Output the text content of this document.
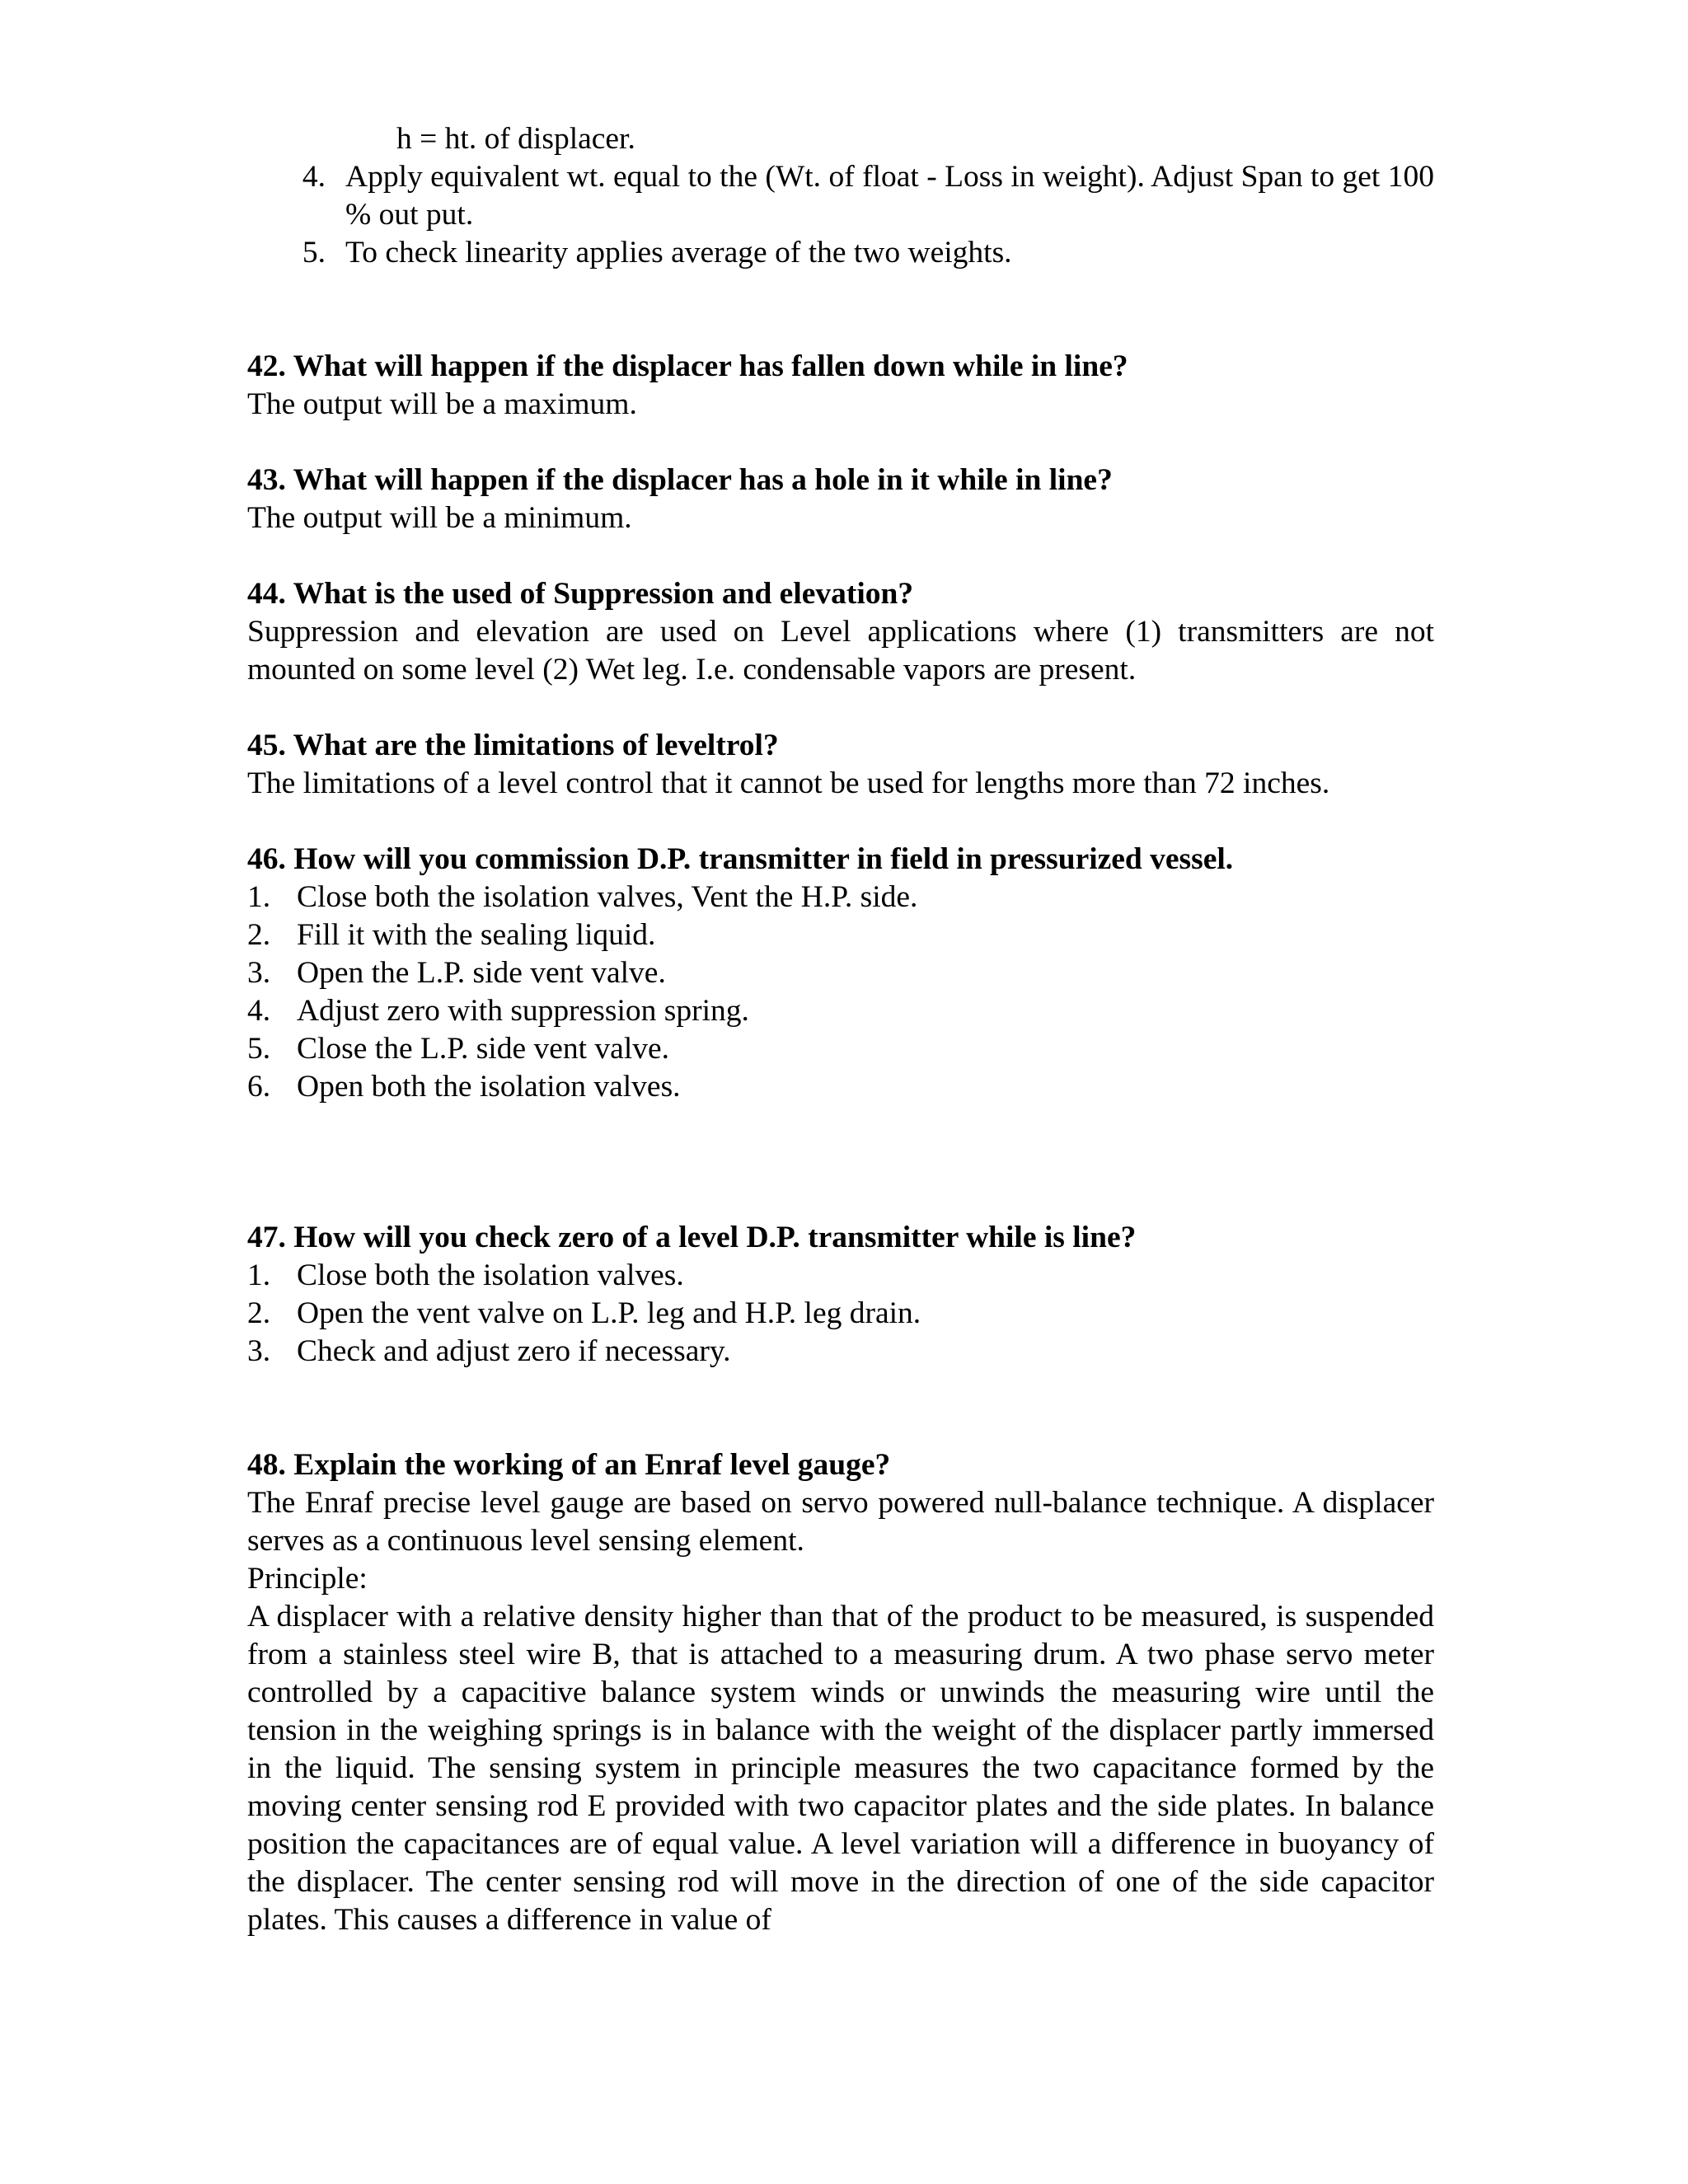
h = ht. of displacer.

4. Apply equivalent wt. equal to the (Wt. of float - Loss in weight). Adjust Span to get 100 % out put.
5. To check linearity applies average of the two weights.

42. What will happen if the displacer has fallen down while in line?

The output will be a maximum.

43. What will happen if the displacer has a hole in it while in line?

The output will be a minimum.

44. What is the used of Suppression and elevation?

Suppression and elevation are used on Level applications where (1) transmitters are not mounted on some level (2) Wet leg. I.e. condensable vapors are present.

45. What are the limitations of leveltrol?

The limitations of a level control that it cannot be used for lengths more than 72 inches.

46. How will you commission D.P. transmitter in field in pressurized vessel.

1. Close both the isolation valves, Vent the H.P. side.
2. Fill it with the sealing liquid.
3. Open the L.P. side vent valve.
4. Adjust zero with suppression spring.
5. Close the L.P. side vent valve.
6. Open both the isolation valves.

47. How will you check zero of a level D.P. transmitter while is line?

1. Close both the isolation valves.
2. Open the vent valve on L.P. leg and H.P. leg drain.
3. Check and adjust zero if necessary.

48. Explain the working of an Enraf level gauge?

The Enraf precise level gauge are based on servo powered null-balance technique. A displacer serves as a continuous level sensing element.

Principle:

A displacer with a relative density higher than that of the product to be measured, is suspended from a stainless steel wire B, that is attached to a measuring drum. A two phase servo meter controlled by a capacitive balance system winds or unwinds the measuring wire until the tension in the weighing springs is in balance with the weight of the displacer partly immersed in the liquid. The sensing system in principle measures the two capacitance formed by the moving center sensing rod E provided with two capacitor plates and the side plates. In balance position the capacitances are of equal value. A level variation will a difference in buoyancy of the displacer. The center sensing rod will move in the direction of one of the side capacitor plates. This causes a difference in value of
